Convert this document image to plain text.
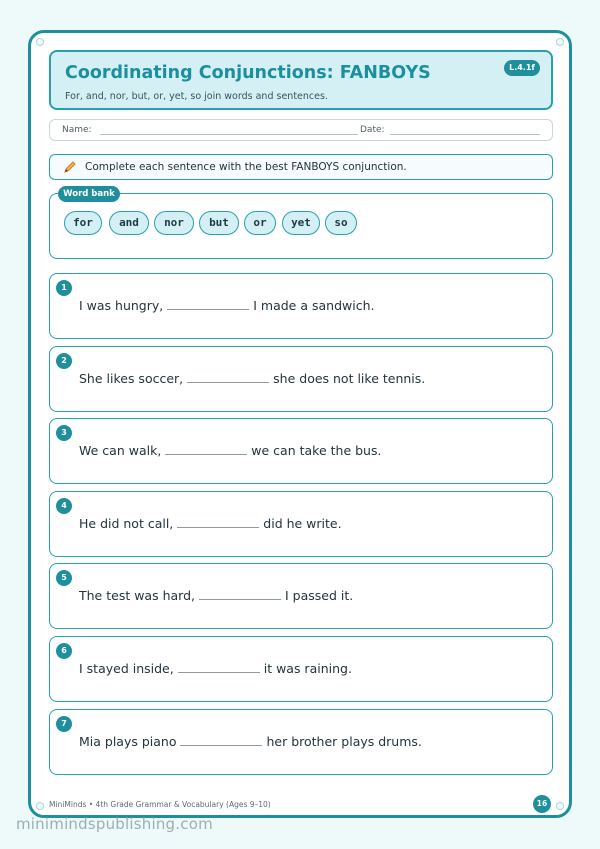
Coordinating Conjunctions: FANBOYS
For, and, nor, but, or, yet, so join words and sentences.
L.4.1f
Name:	Date:
Complete each sentence with the best FANBOYS conjunction.
Word bank
for	and	nor	but	or	yet	so
1
I was hungry,	I made a sandwich.
2
She likes soccer,	she does not like tennis.
3
We can walk,	we can take the bus.
4
He did not call,	did he write.
5
The test was hard,	I passed it.
6
I stayed inside,	it was raining.
7
Mia plays piano	her brother plays drums.
MiniMinds • 4th Grade Grammar & Vocabulary (Ages 9–10)	16
minimindspublishing.com
